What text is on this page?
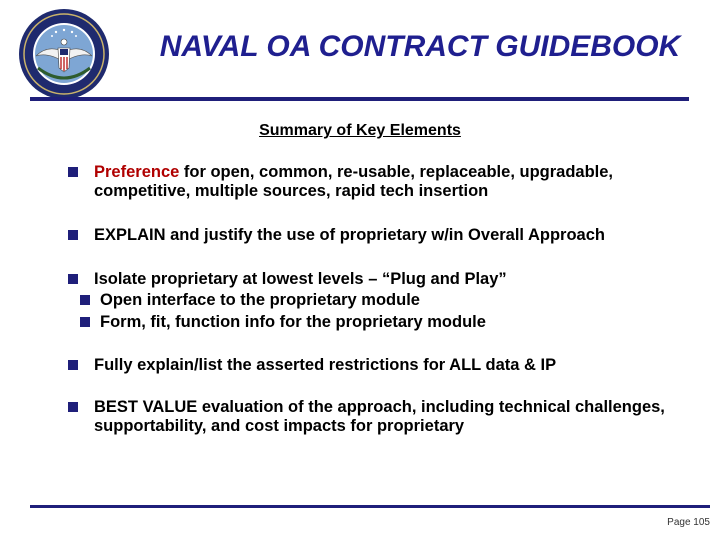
NAVAL OA CONTRACT GUIDEBOOK
Summary of Key Elements
Preference for open, common, re-usable, replaceable, upgradable, competitive, multiple sources, rapid tech insertion
EXPLAIN and justify the use of proprietary w/in Overall Approach
Isolate proprietary at lowest levels – “Plug and Play”
Open interface to the proprietary module
Form, fit, function info for the proprietary module
Fully explain/list the asserted restrictions for ALL data & IP
BEST VALUE evaluation of the approach, including technical challenges, supportability, and cost impacts for proprietary
Page 105
